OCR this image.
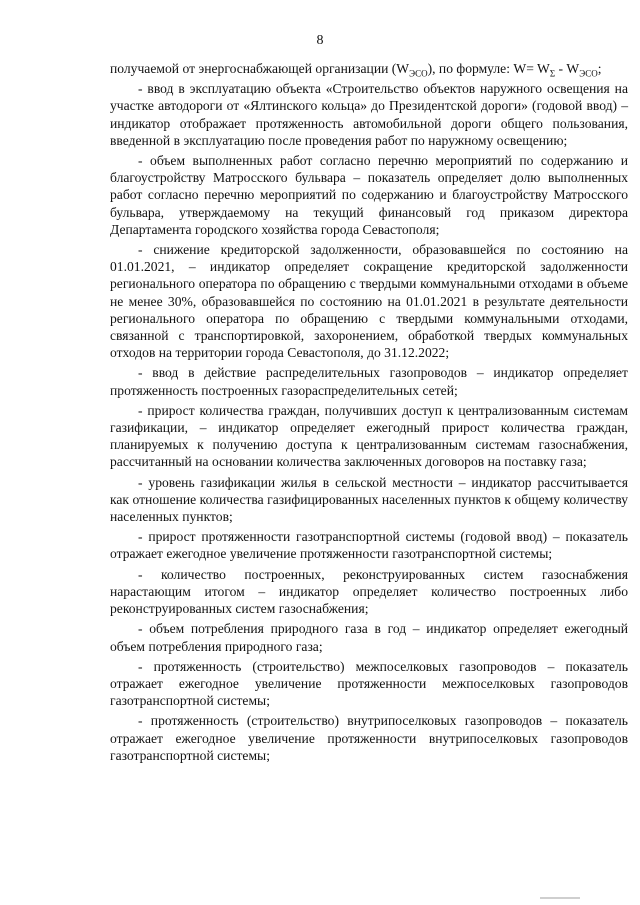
8

получаемой от энергоснабжающей организации $(W_{ЭСО})$, по формуле: $W= W_\Sigma - W_{ЭСО}$;

- ввод в эксплуатацию объекта «Строительство объектов наружного освещения на участке автодороги от «Ялтинского кольца» до Президентской дороги» (годовой ввод) – индикатор отображает протяженность автомобильной дороги общего пользования, введенной в эксплуатацию после проведения работ по наружному освещению;

- объем выполненных работ согласно перечню мероприятий по содержанию и благоустройству Матросского бульвара – показатель определяет долю выполненных работ согласно перечню мероприятий по содержанию и благоустройству Матросского бульвара, утверждаемому на текущий финансовый год приказом директора Департамента городского хозяйства города Севастополя;

- снижение кредиторской задолженности, образовавшейся по состоянию на 01.01.2021, – индикатор определяет сокращение кредиторской задолженности регионального оператора по обращению с твердыми коммунальными отходами в объеме не менее 30%, образовавшейся по состоянию на 01.01.2021 в результате деятельности регионального оператора по обращению с твердыми коммунальными отходами, связанной с транспортировкой, захоронением, обработкой твердых коммунальных отходов на территории города Севастополя, до 31.12.2022;

- ввод в действие распределительных газопроводов – индикатор определяет протяженность построенных газораспределительных сетей;

- прирост количества граждан, получивших доступ к централизованным системам газификации, – индикатор определяет ежегодный прирост количества граждан, планируемых к получению доступа к централизованным системам газоснабжения, рассчитанный на основании количества заключенных договоров на поставку газа;

- уровень газификации жилья в сельской местности – индикатор рассчитывается как отношение количества газифицированных населенных пунктов к общему количеству населенных пунктов;

- прирост протяженности газотранспортной системы (годовой ввод) – показатель отражает ежегодное увеличение протяженности газотранспортной системы;

- количество построенных, реконструированных систем газоснабжения нарастающим итогом – индикатор определяет количество построенных либо реконструированных систем газоснабжения;

- объем потребления природного газа в год – индикатор определяет ежегодный объем потребления природного газа;

- протяженность (строительство) межпоселковых газопроводов – показатель отражает ежегодное увеличение протяженности межпоселковых газопроводов газотранспортной системы;

- протяженность (строительство) внутрипоселковых газопроводов – показатель отражает ежегодное увеличение протяженности внутрипоселковых газопроводов газотранспортной системы;
